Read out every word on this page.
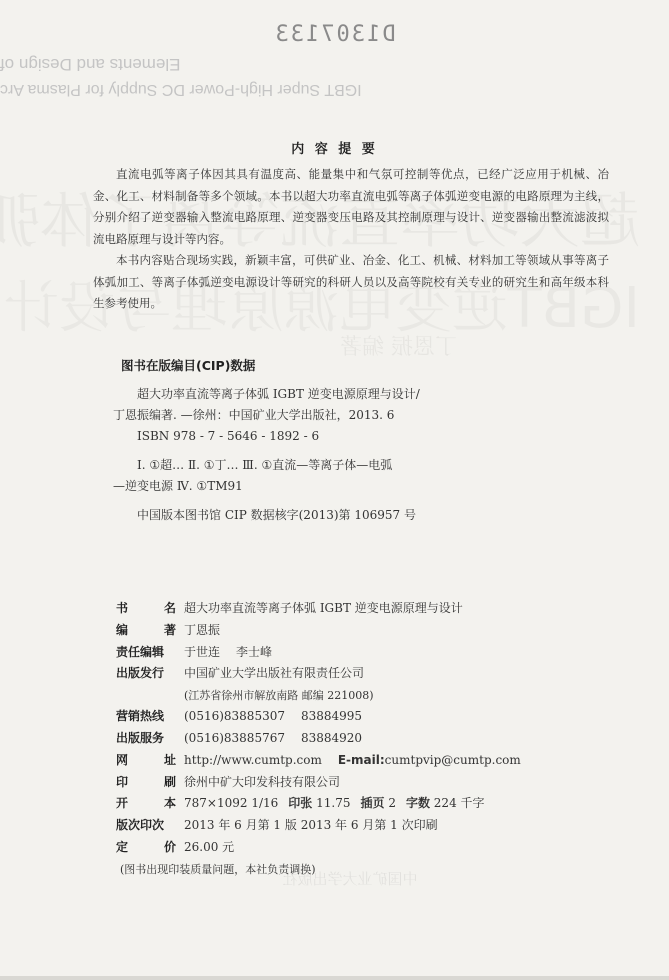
D1307133
Elements and Design of
IGBT Super High-Power DC Supply for Plasma Arc
丁恩振 编著
中国矿业大学出版社
内 容 提 要

直流电弧等离子体因其具有温度高、能量集中和气氛可控制等优点，已经广泛应用于机械、冶金、化工、材料制备等多个领域。本书以超大功率直流电弧等离子体弧逆变电源的电路原理为主线，分别介绍了逆变器输入整流电路原理、逆变器变压电路及其控制原理与设计、逆变器输出整流滤波拟流电路原理与设计等内容。

本书内容贴合现场实践，新颖丰富，可供矿业、冶金、化工、机械、材料加工等领域从事等离子体弧加工、等离子体弧逆变电源设计等研究的科研人员以及高等院校有关专业的研究生和高年级本科生参考使用。

图书在版编目(CIP)数据
超大功率直流等离子体弧 IGBT 逆变电源原理与设计/
丁恩振编著. —徐州：中国矿业大学出版社，2013. 6
ISBN 978 - 7 - 5646 - 1892 - 6
Ⅰ. ①超… Ⅱ. ①丁… Ⅲ. ①直流—等离子体—电弧
—逆变电源 Ⅳ. ①TM91
中国版本图书馆 CIP 数据核字(2013)第 106957 号
书	名 超大功率直流等离子体弧 IGBT 逆变电源原理与设计
编	著 丁恩振
责任编辑	于世连 李士峰
出版发行	中国矿业大学出版社有限责任公司
(江苏省徐州市解放南路 邮编 221008)
营销热线	(0516)83885307 83884995
出版服务	(0516)83885767 83884920
网	址 http://www.cumtp.com E-mail:cumtpvip@cumtp.com
印	刷 徐州中矿大印发科技有限公司
开	本 787×1092 1/16 印张 11.75 插页 2 字数 224 千字
版次印次	2013 年 6 月第 1 版 2013 年 6 月第 1 次印刷
定	价 26.00 元
(图书出现印装质量问题，本社负责调换)
